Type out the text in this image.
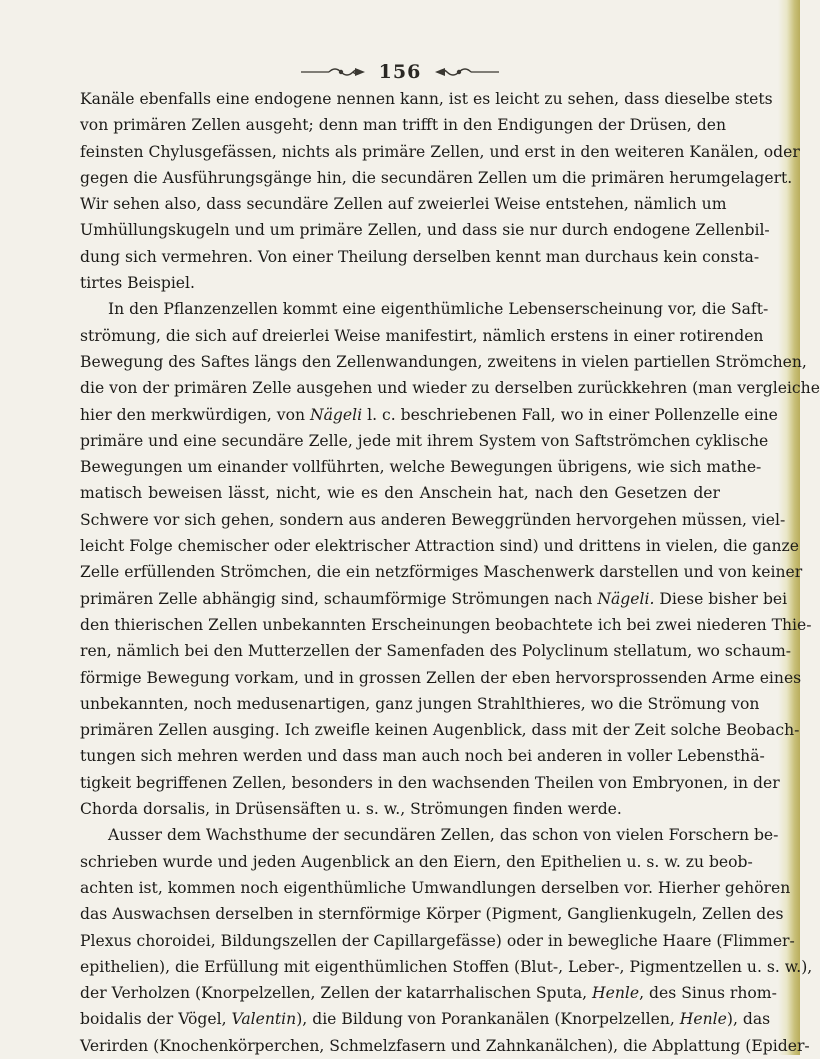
156
Kanäle ebenfalls eine endogene nennen kann, ist es leicht zu sehen, dass dieselbe stets
von primären Zellen ausgeht; denn man trifft in den Endigungen der Drüsen, den
feinsten Chylusgefässen, nichts als primäre Zellen, und erst in den weiteren Kanälen, oder
gegen die Ausführungsgänge hin, die secundären Zellen um die primären herumgelagert.
Wir sehen also, dass secundäre Zellen auf zweierlei Weise entstehen, nämlich um
Umhüllungskugeln und um primäre Zellen, und dass sie nur durch endogene Zellenbil-
dung sich vermehren. Von einer Theilung derselben kennt man durchaus kein consta-
tirtes Beispiel.
In den Pflanzenzellen kommt eine eigenthümliche Lebenserscheinung vor, die Saft-
strömung, die sich auf dreierlei Weise manifestirt, nämlich erstens in einer rotirenden
Bewegung des Saftes längs den Zellenwandungen, zweitens in vielen partiellen Strömchen,
die von der primären Zelle ausgehen und wieder zu derselben zurückkehren (man vergleiche
hier den merkwürdigen, von Nägeli l. c. beschriebenen Fall, wo in einer Pollenzelle eine
primäre und eine secundäre Zelle, jede mit ihrem System von Saftströmchen cyklische
Bewegungen um einander vollführten, welche Bewegungen übrigens, wie sich mathe-
matisch beweisen lässt, nicht, wie es den Anschein hat, nach den Gesetzen der
Schwere vor sich gehen, sondern aus anderen Beweggründen hervorgehen müssen, viel-
leicht Folge chemischer oder elektrischer Attraction sind) und drittens in vielen, die ganze
Zelle erfüllenden Strömchen, die ein netzförmiges Maschenwerk darstellen und von keiner
primären Zelle abhängig sind, schaumförmige Strömungen nach Nägeli. Diese bisher bei
den thierischen Zellen unbekannten Erscheinungen beobachtete ich bei zwei niederen Thie-
ren, nämlich bei den Mutterzellen der Samenfaden des Polyclinum stellatum, wo schaum-
förmige Bewegung vorkam, und in grossen Zellen der eben hervorsprossenden Arme eines
unbekannten, noch medusenartigen, ganz jungen Strahlthieres, wo die Strömung von
primären Zellen ausging. Ich zweifle keinen Augenblick, dass mit der Zeit solche Beobach-
tungen sich mehren werden und dass man auch noch bei anderen in voller Lebensthä-
tigkeit begriffenen Zellen, besonders in den wachsenden Theilen von Embryonen, in der
Chorda dorsalis, in Drüsensäften u. s. w., Strömungen finden werde.
Ausser dem Wachsthume der secundären Zellen, das schon von vielen Forschern be-
schrieben wurde und jeden Augenblick an den Eiern, den Epithelien u. s. w. zu beob-
achten ist, kommen noch eigenthümliche Umwandlungen derselben vor. Hierher gehören
das Auswachsen derselben in sternförmige Körper (Pigment, Ganglienkugeln, Zellen des
Plexus choroidei, Bildungszellen der Capillargefässe) oder in bewegliche Haare (Flimmer-
epithelien), die Erfüllung mit eigenthümlichen Stoffen (Blut-, Leber-, Pigmentzellen u. s. w.),
der Verholzen (Knorpelzellen, Zellen der katarrhalischen Sputa, Henle, des Sinus rhom-
boidalis der Vögel, Valentin), die Bildung von Porankanälen (Knorpelzellen, Henle), das
Verirden (Knochenkörperchen, Schmelzfasern und Zahnkanälchen), die Abplattung (Epider-
